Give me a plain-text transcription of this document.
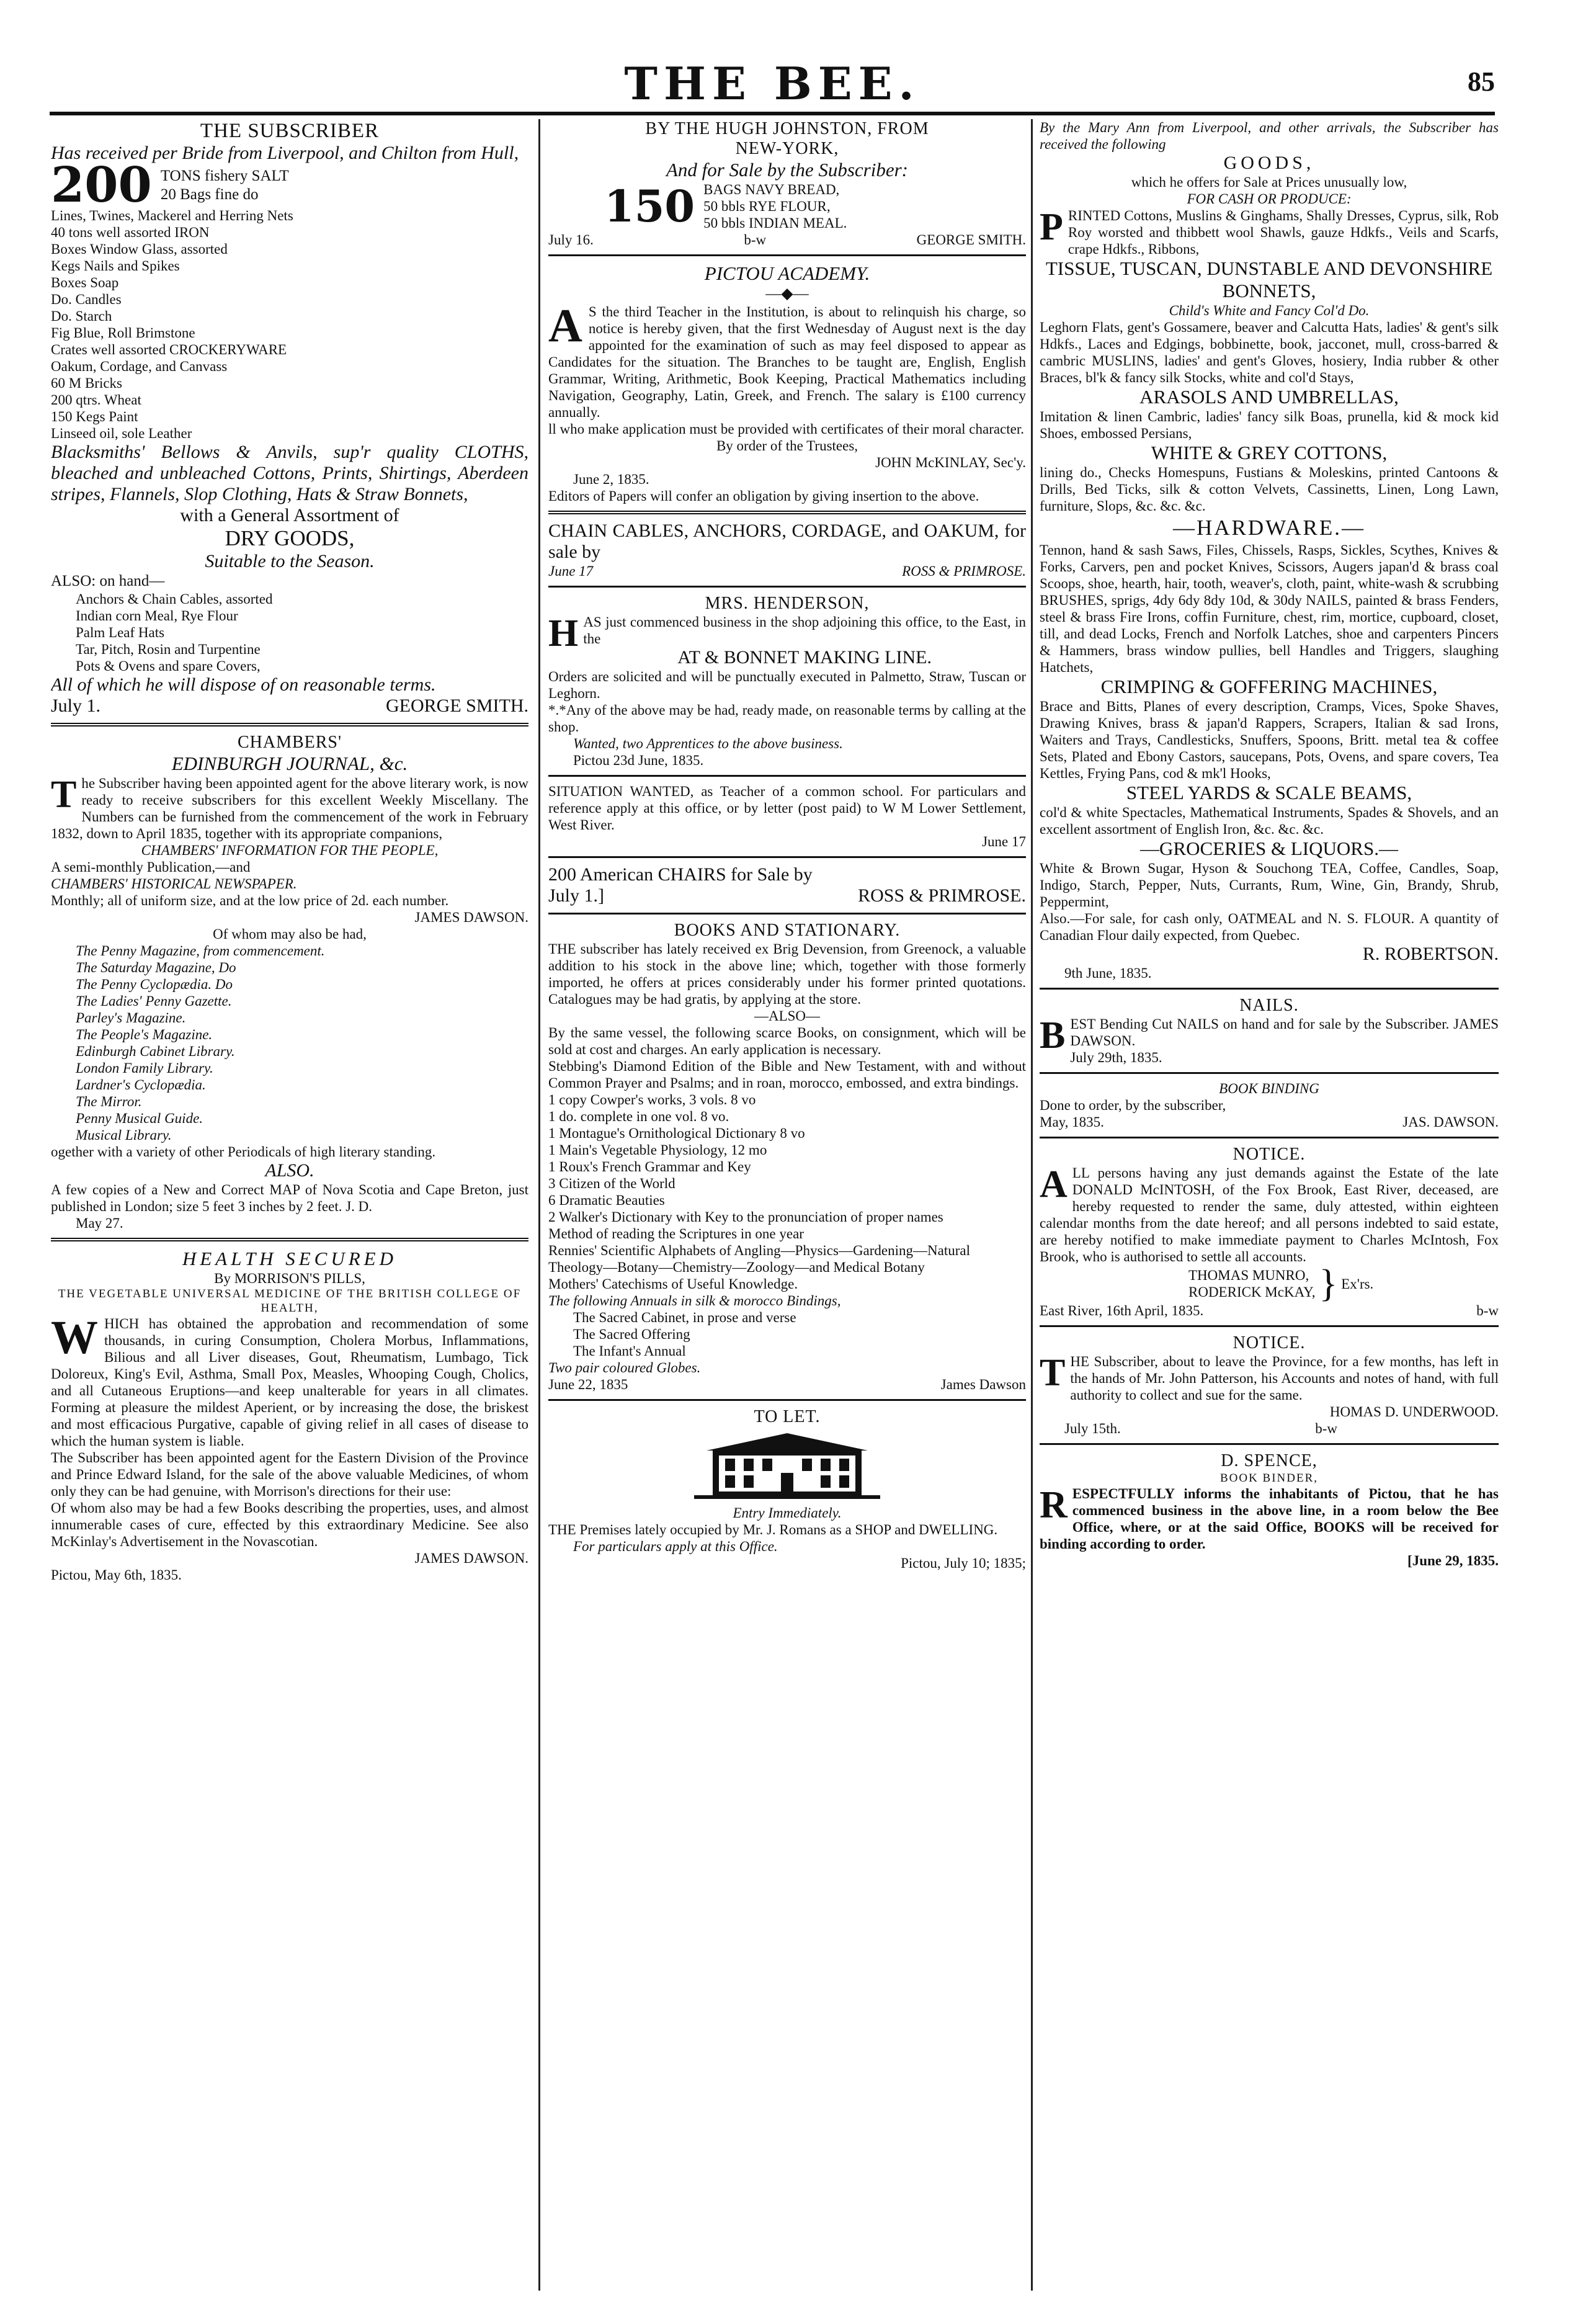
THE BEE.	85
THE SUBSCRIBER
Has received per Bride from Liverpool, and Chilton from Hull,
200 TONS fishery SALT
20 Bags fine do
Lines, Twines, Mackerel and Herring Nets
40 tons well assorted IRON
Boxes Window Glass, assorted
Kegs Nails and Spikes
Boxes Soap
Do. Candles
Do. Starch
Fig Blue, Roll Brimstone
Crates well assorted CROCKERYWARE
Oakum, Cordage, and Canvass
60 M Bricks
200 qtrs. Wheat
150 Kegs Paint
Linseed oil, sole Leather
Blacksmiths' Bellows & Anvils, sup'r quality CLOTHS, bleached and unbleached Cottons, Prints, Shirtings, Aberdeen stripes, Flannels, Slop Clothing, Hats & Straw Bonnets,
with a General Assortment of
DRY GOODS,
Suitable to the Season.
ALSO: on hand—
Anchors & Chain Cables, assorted
Indian corn Meal, Rye Flour
Palm Leaf Hats
Tar, Pitch, Rosin and Turpentine
Pots & Ovens and spare Covers,
All of which he will dispose of on reasonable terms.
July 1.	GEORGE SMITH.
CHAMBERS'
EDINBURGH JOURNAL, &c.
The Subscriber having been appointed agent for the above literary work, is now ready to receive subscribers for this excellent Weekly Miscellany. The Numbers can be furnished from the commencement of the work in February 1832, down to April 1835, together with its appropriate companions,
CHAMBERS' INFORMATION FOR THE PEOPLE,
A semi-monthly Publication,—and
CHAMBERS' HISTORICAL NEWSPAPER.
Monthly; all of uniform size, and at the low price of 2d. each number.
JAMES DAWSON.
Of whom may also be had,
The Penny Magazine, from commencement.
The Saturday Magazine, Do
The Penny Cyclopædia. Do
The Ladies' Penny Gazette.
Parley's Magazine.
The People's Magazine.
Edinburgh Cabinet Library.
London Family Library.
Lardner's Cyclopædia.
The Mirror.
Penny Musical Guide.
Musical Library.
ogether with a variety of other Periodicals of high literary standing.
ALSO.
A few copies of a New and Correct MAP of Nova Scotia and Cape Breton, just published in London; size 5 feet 3 inches by 2 feet. J. D.
May 27.
HEALTH SECURED
By MORRISON'S PILLS,
THE VEGETABLE UNIVERSAL MEDICINE OF THE BRITISH COLLEGE OF HEALTH,
WHICH has obtained the approbation and recommendation of some thousands, in curing Consumption, Cholera Morbus, Inflammations, Bilious and all Liver diseases, Gout, Rheumatism, Lumbago, Tick Doloreux, King's Evil, Asthma, Small Pox, Measles, Whooping Cough, Cholics, and all Cutaneous Eruptions—and keep unalterable for years in all climates. Forming at pleasure the mildest Aperient, or by increasing the dose, the briskest and most efficacious Purgative, capable of giving relief in all cases of disease to which the human system is liable.
The Subscriber has been appointed agent for the Eastern Division of the Province and Prince Edward Island, for the sale of the above valuable Medicines, of whom only they can be had genuine, with Morrison's directions for their use:
Of whom also may be had a few Books describing the properties, uses, and almost innumerable cases of cure, effected by this extraordinary Medicine. See also McKinlay's Advertisement in the Novascotian.
JAMES DAWSON.
Pictou, May 6th, 1835.
BY THE HUGH JOHNSTON, FROM
NEW-YORK,
And for Sale by the Subscriber:
150 BAGS NAVY BREAD,
50 bbls RYE FLOUR,
50 bbls INDIAN MEAL.
July 16.	b-w	GEORGE SMITH.
PICTOU ACADEMY.
—◆—
A S the third Teacher in the Institution, is about to relinquish his charge, so notice is hereby given, that the first Wednesday of August next is the day appointed for the examination of such as may feel disposed to appear as Candidates for the situation. The Branches to be taught are, English, English Grammar, Writing, Arithmetic, Book Keeping, Practical Mathematics including Navigation, Geography, Latin, Greek, and French. The salary is £100 currency annually.
ll who make application must be provided with certificates of their moral character.
By order of the Trustees,
JOHN McKINLAY, Sec'y.
June 2, 1835.
Editors of Papers will confer an obligation by giving insertion to the above.
CHAIN CABLES, ANCHORS, CORDAGE, and OAKUM, for sale by
June 17	ROSS & PRIMROSE.
MRS. HENDERSON,
HAS just commenced business in the shop adjoining this office, to the East, in the
AT & BONNET MAKING LINE.
Orders are solicited and will be punctually executed in Palmetto, Straw, Tuscan or Leghorn.
*.*Any of the above may be had, ready made, on reasonable terms by calling at the shop.
Wanted, two Apprentices to the above business.
Pictou 23d June, 1835.
SITUATION WANTED, as Teacher of a common school. For particulars and reference apply at this office, or by letter (post paid) to W M Lower Settlement, West River.
June 17
200 American CHAIRS for Sale by
July 1.]	ROSS & PRIMROSE.
BOOKS AND STATIONARY.
THE subscriber has lately received ex Brig Devension, from Greenock, a valuable addition to his stock in the above line; which, together with those formerly imported, he offers at prices considerably under his former printed quotations. Catalogues may be had gratis, by applying at the store.
—ALSO—
By the same vessel, the following scarce Books, on consignment, which will be sold at cost and charges. An early application is necessary.
Stebbing's Diamond Edition of the Bible and New Testament, with and without Common Prayer and Psalms; and in roan, morocco, embossed, and extra bindings.
1 copy Cowper's works, 3 vols. 8 vo
1 do. complete in one vol. 8 vo.
1 Montague's Ornithological Dictionary 8 vo
1 Main's Vegetable Physiology, 12 mo
1 Roux's French Grammar and Key
3 Citizen of the World
6 Dramatic Beauties
2 Walker's Dictionary with Key to the pronunciation of proper names
Method of reading the Scriptures in one year
Rennies' Scientific Alphabets of Angling—Physics—Gardening—Natural Theology—Botany—Chemistry—Zoology—and Medical Botany
Mothers' Catechisms of Useful Knowledge.
The following Annuals in silk & morocco Bindings,
The Sacred Cabinet, in prose and verse
The Sacred Offering
The Infant's Annual
Two pair coloured Globes.
June 22, 1835	James Dawson
TO LET.
Entry Immediately.
THE Premises lately occupied by Mr. J. Romans as a SHOP and DWELLING.
For particulars apply at this Office.
Pictou, July 10; 1835;
By the Mary Ann from Liverpool, and other arrivals, the Subscriber has received the following
GOODS,
which he offers for Sale at Prices unusually low,
FOR CASH OR PRODUCE:
PRINTED Cottons, Muslins & Ginghams, Shally Dresses, Cyprus, silk, Rob Roy worsted and thibbett wool Shawls, gauze Hdkfs., Veils and Scarfs, crape Hdkfs., Ribbons,
TISSUE, TUSCAN, DUNSTABLE AND DEVONSHIRE BONNETS,
Child's White and Fancy Col'd Do.
Leghorn Flats, gent's Gossamere, beaver and Calcutta Hats, ladies' & gent's silk Hdkfs., Laces and Edgings, bobbinette, book, jacconet, mull, cross-barred & cambric MUSLINS, ladies' and gent's Gloves, hosiery, India rubber & other Braces, bl'k & fancy silk Stocks, white and col'd Stays,
ARASOLS AND UMBRELLAS,
Imitation & linen Cambric, ladies' fancy silk Boas, prunella, kid & mock kid Shoes, embossed Persians,
WHITE & GREY COTTONS,
lining do., Checks Homespuns, Fustians & Moleskins, printed Cantoons & Drills, Bed Ticks, silk & cotton Velvets, Cassinetts, Linen, Long Lawn, furniture, Slops, &c. &c. &c.
—HARDWARE.—
Tennon, hand & sash Saws, Files, Chissels, Rasps, Sickles, Scythes, Knives & Forks, Carvers, pen and pocket Knives, Scissors, Augers japan'd & brass coal Scoops, shoe, hearth, hair, tooth, weaver's, cloth, paint, white-wash & scrubbing BRUSHES, sprigs, 4dy 6dy 8dy 10d, & 30dy NAILS, painted & brass Fenders, steel & brass Fire Irons, coffin Furniture, chest, rim, mortice, cupboard, closet, till, and dead Locks, French and Norfolk Latches, shoe and carpenters Pincers & Hammers, brass window pullies, bell Handles and Triggers, slaughing Hatchets,
CRIMPING & GOFFERING MACHINES,
Brace and Bitts, Planes of every description, Cramps, Vices, Spoke Shaves, Drawing Knives, brass & japan'd Rappers, Scrapers, Italian & sad Irons, Waiters and Trays, Candlesticks, Snuffers, Spoons, Britt. metal tea & coffee Sets, Plated and Ebony Castors, saucepans, Pots, Ovens, and spare covers, Tea Kettles, Frying Pans, cod & mk'l Hooks,
STEEL YARDS & SCALE BEAMS,
col'd & white Spectacles, Mathematical Instruments, Spades & Shovels, and an excellent assortment of English Iron, &c. &c. &c.
—GROCERIES & LIQUORS.—
White & Brown Sugar, Hyson & Souchong TEA, Coffee, Candles, Soap, Indigo, Starch, Pepper, Nuts, Currants, Rum, Wine, Gin, Brandy, Shrub, Peppermint,
Also.—For sale, for cash only, OATMEAL and N. S. FLOUR. A quantity of Canadian Flour daily expected, from Quebec.
R. ROBERTSON.
9th June, 1835.
NAILS.
BEST Bending Cut NAILS on hand and for sale by the Subscriber. JAMES DAWSON.
July 29th, 1835.
BOOK BINDING
Done to order, by the subscriber,
May, 1835.	JAS. DAWSON.
NOTICE.
ALL persons having any just demands against the Estate of the late DONALD McINTOSH, of the Fox Brook, East River, deceased, are hereby requested to render the same, duly attested, within eighteen calendar months from the date hereof; and all persons indebted to said estate, are hereby notified to make immediate payment to Charles McIntosh, Fox Brook, who is authorised to settle all accounts.
THOMAS MUNRO,
RODERICK McKAY, } Ex'rs.
East River, 16th April, 1835.	b-w
NOTICE.
THE Subscriber, about to leave the Province, for a few months, has left in the hands of Mr. John Patterson, his Accounts and notes of hand, with full authority to collect and sue for the same.
HOMAS D. UNDERWOOD.
July 15th.	b-w
D. SPENCE,
BOOK BINDER,
RESPECTFULLY informs the inhabitants of Pictou, that he has commenced business in the above line, in a room below the Bee Office, where, or at the said Office, BOOKS will be received for binding according to order.
[June 29, 1835.
